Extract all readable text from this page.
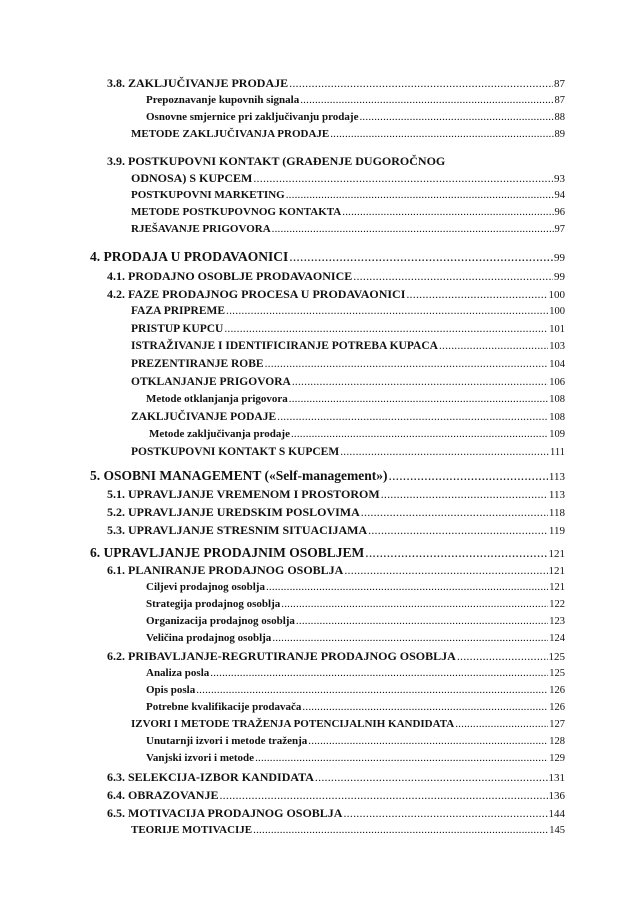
3.8. ZAKLJUČIVANJE PRODAJE .....	87
Prepoznavanje kupovnih signala .....	87
Osnovne smjernice pri zaključivanju prodaje .....	88
METODE ZAKLJUČIVANJA PRODAJE .....	89
3.9. POSTKUPOVNI KONTAKT (GRAĐENJE DUGOROČNOG
ODNOSA) S KUPCEM .....	93
POSTKUPOVNI MARKETING .....	94
METODE POSTKUPOVNOG KONTAKTA .....	96
RJEŠAVANJE PRIGOVORA .....	97
4. PRODAJA U PRODAVAONICI .....	99
4.1. PRODAJNO OSOBLJE PRODAVAONICE .....	99
4.2. FAZE PRODAJNOG PROCESA U PRODAVAONICI .....	100
FAZA PRIPREME .....	100
PRISTUP KUPCU .....	101
ISTRAŽIVANJE I IDENTIFICIRANJE POTREBA KUPACA .....	103
PREZENTIRANJE ROBE .....	104
OTKLANJANJE PRIGOVORA .....	106
Metode otklanjanja prigovora .....	108
ZAKLJUČIVANJE PODAJE .....	108
Metode zaključivanja prodaje .....	109
POSTKUPOVNI KONTAKT S KUPCEM .....	111
5. OSOBNI MANAGEMENT («Self-management») .....	113
5.1. UPRAVLJANJE VREMENOM I PROSTOROM .....	113
5.2. UPRAVLJANJE UREDSKIM POSLOVIMA .....	118
5.3. UPRAVLJANJE STRESNIM SITUACIJAMA .....	119
6. UPRAVLJANJE PRODAJNIM OSOBLJEM .....	121
6.1. PLANIRANJE PRODAJNOG OSOBLJA .....	121
Ciljevi prodajnog osoblja .....	121
Strategija prodajnog osoblja .....	122
Organizacija prodajnog osoblja .....	123
Veličina prodajnog osoblja .....	124
6.2. PRIBAVLJANJE-REGRUTIRANJE PRODAJNOG OSOBLJA .....	125
Analiza posla .....	125
Opis posla .....	126
Potrebne kvalifikacije prodavača .....	126
IZVORI I METODE TRAŽENJA POTENCIJALNIH KANDIDATA .....	127
Unutarnji izvori i metode traženja .....	128
Vanjski izvori i metode .....	129
6.3. SELEKCIJA-IZBOR KANDIDATA .....	131
6.4. OBRAZOVANJE .....	136
6.5. MOTIVACIJA PRODAJNOG OSOBLJA .....	144
TEORIJE MOTIVACIJE .....	145
